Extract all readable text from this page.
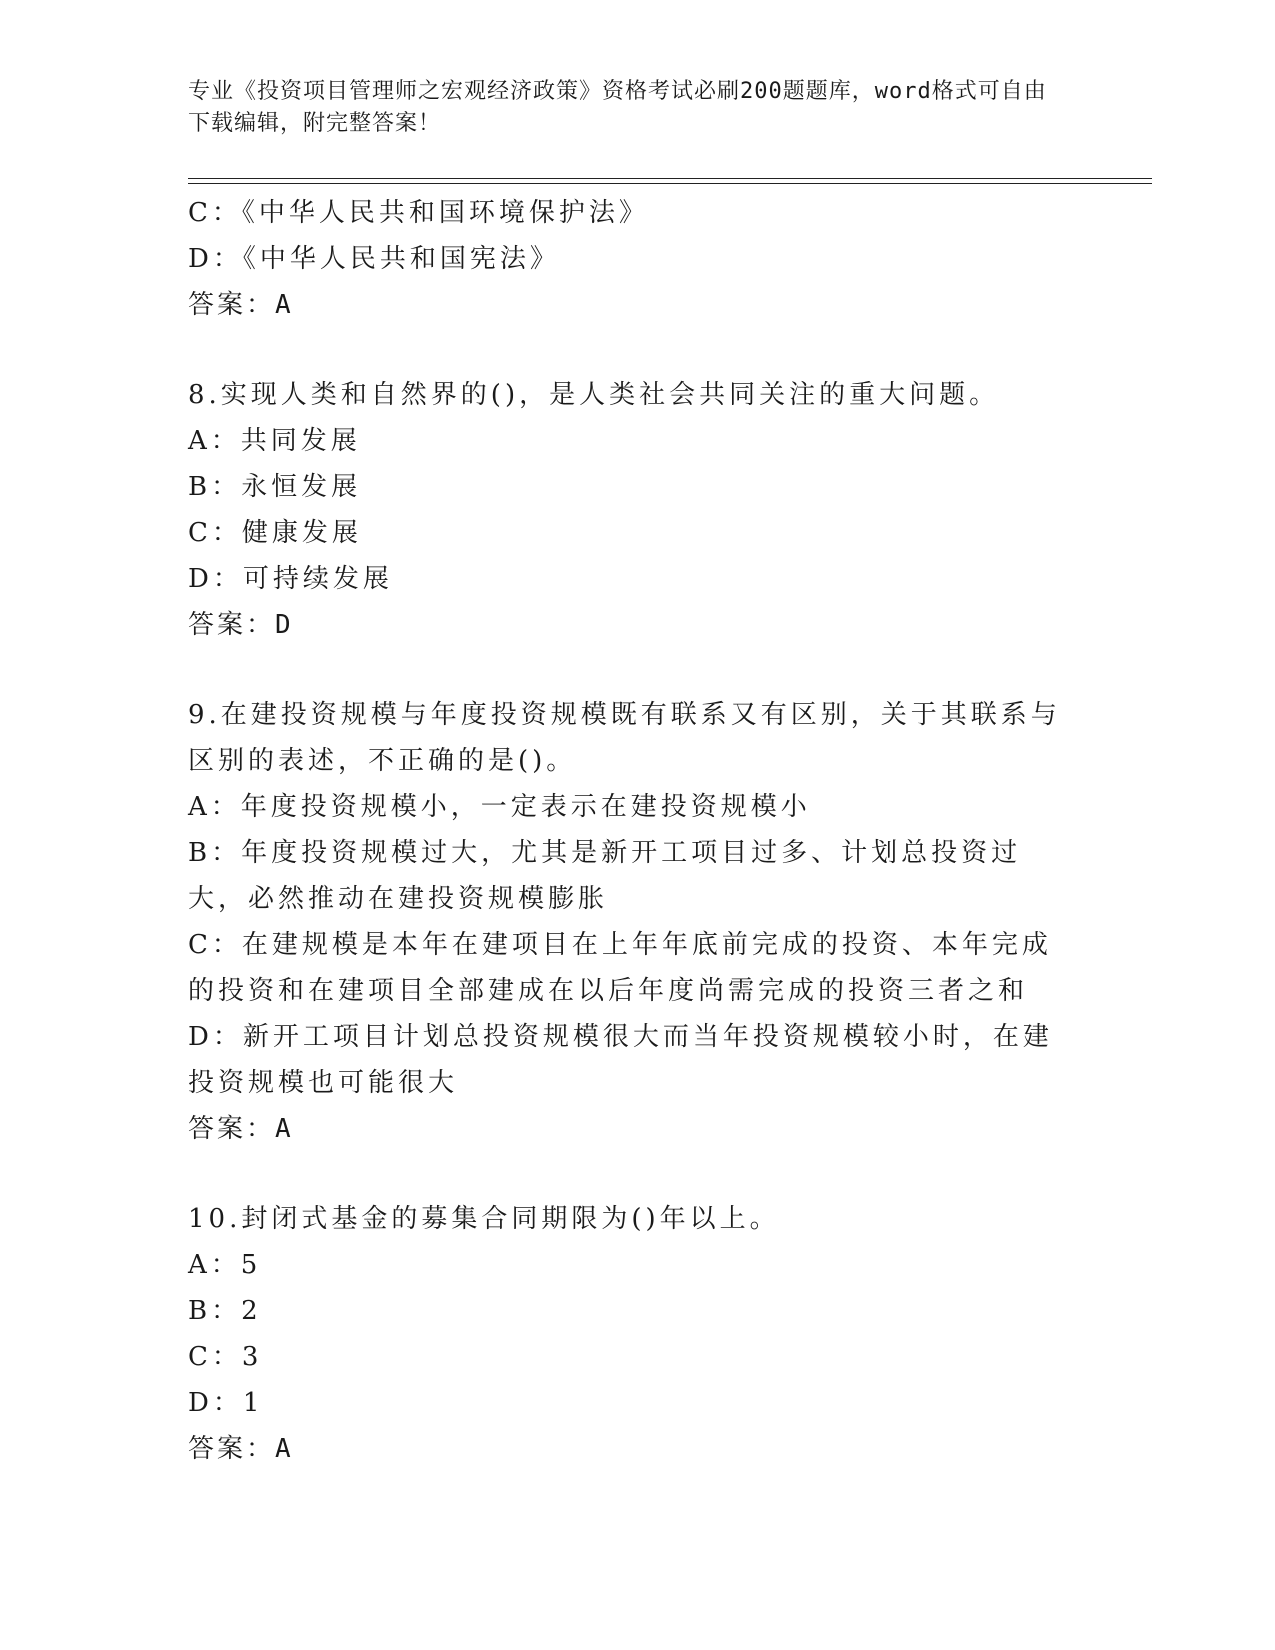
专业《投资项目管理师之宏观经济政策》资格考试必刷200题题库，word格式可自由下载编辑，附完整答案！

C：《中华人民共和国环境保护法》

D：《中华人民共和国宪法》

答案：A

8.实现人类和自然界的()，是人类社会共同关注的重大问题。

A：共同发展

B：永恒发展

C：健康发展

D：可持续发展

答案：D

9.在建投资规模与年度投资规模既有联系又有区别，关于其联系与区别的表述，不正确的是()。

A：年度投资规模小，一定表示在建投资规模小

B：年度投资规模过大，尤其是新开工项目过多、计划总投资过大，必然推动在建投资规模膨胀

C：在建规模是本年在建项目在上年年底前完成的投资、本年完成的投资和在建项目全部建成在以后年度尚需完成的投资三者之和

D：新开工项目计划总投资规模很大而当年投资规模较小时，在建投资规模也可能很大

答案：A

10.封闭式基金的募集合同期限为()年以上。

A：5

B：2

C：3

D：1

答案：A
